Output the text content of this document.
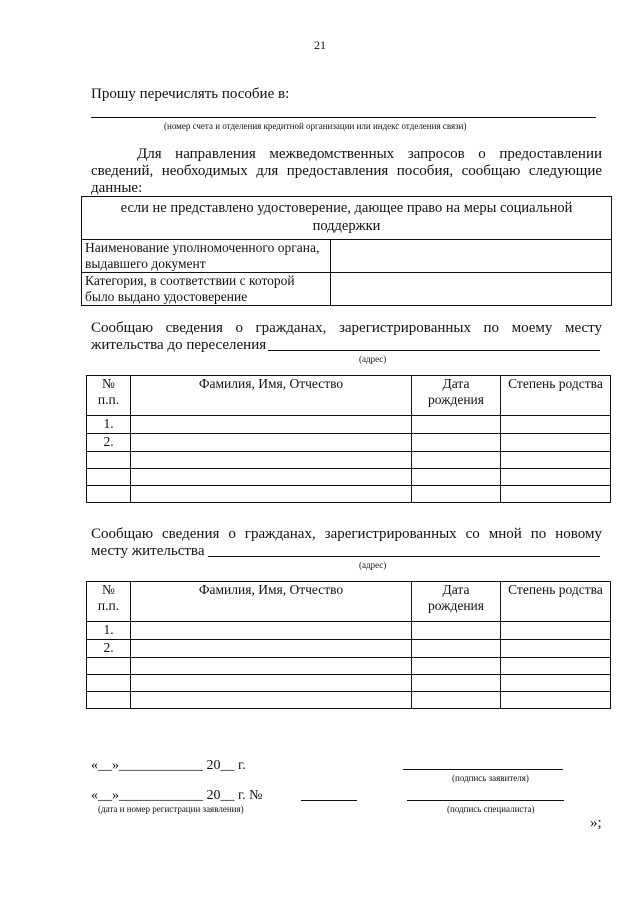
21
Прошу перечислять пособие в:
(номер счета и отделения кредитной организации или индекс отделения связи)
Для направления межведомственных запросов о предоставлении
сведений, необходимых для предоставления пособия, сообщаю следующие
данные:
если не представлено удостоверение, дающее право на меры социальной поддержки	
Наименование уполномоченного органа, выдавшего документ	
Категория, в соответствии с которой было выдано удостоверение	
Сообщаю сведения о гражданах, зарегистрированных по моему месту
жительства до переселения
(адрес)
№ п.п.	Фамилия, Имя, Отчество	Дата рождения	Степень родства
1.			
2.			

Сообщаю сведения о гражданах, зарегистрированных со мной по новому
месту жительства
(адрес)
№ п.п.	Фамилия, Имя, Отчество	Дата рождения	Степень родства
1.			
2.			

«__»____________ 20__ г.
(подпись заявителя)
«__»____________ 20__ г. №
(дата и номер регистрации заявления)	(подпись специалиста)
»;
